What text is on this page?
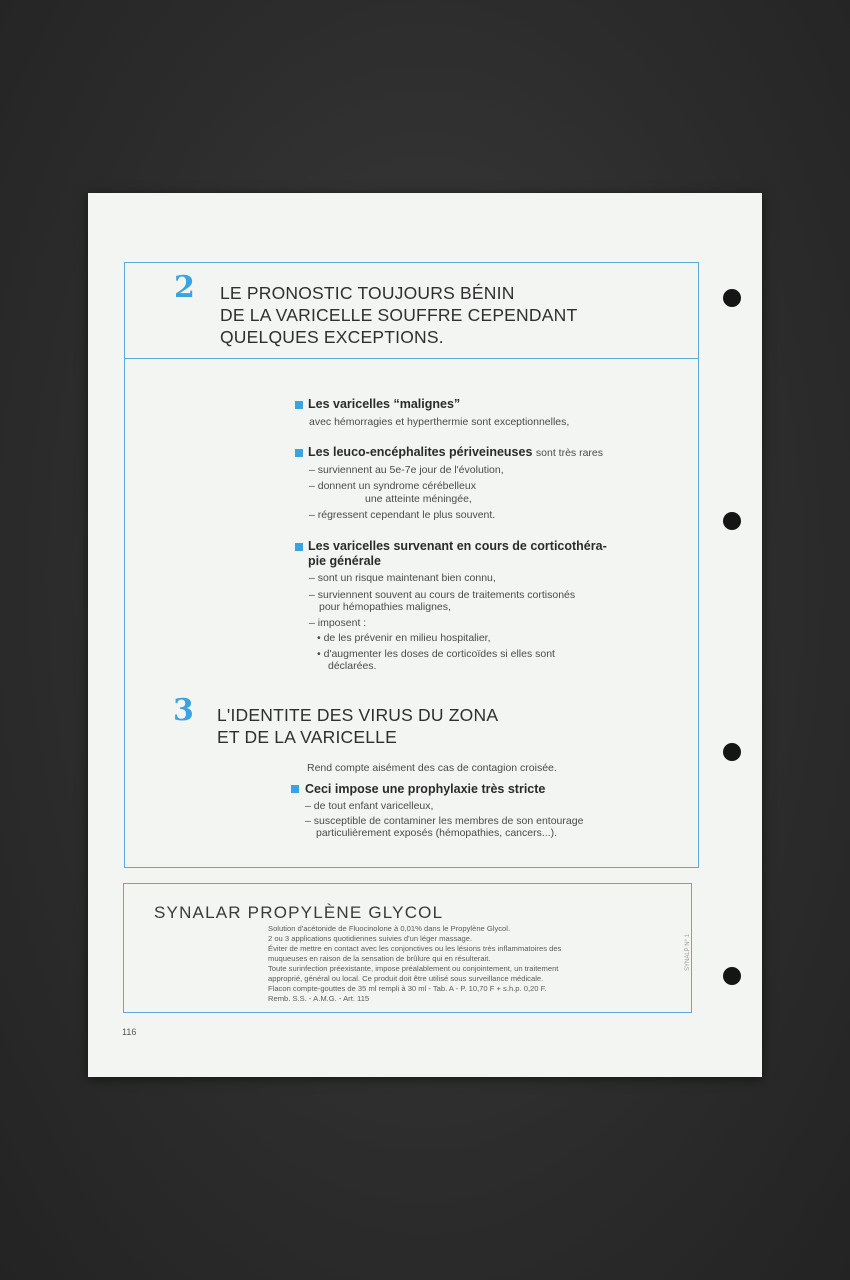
2 LE PRONOSTIC TOUJOURS BÉNIN
DE LA VARICELLE SOUFFRE CEPENDANT
QUELQUES EXCEPTIONS.
Les varicelles “malignes”
avec hémorragies et hyperthermie sont exceptionnelles,
Les leuco-encéphalites périveineuses sont très rares
– surviennent au 5e-7e jour de l'évolution,
– donnent un syndrome cérébelleux
une atteinte méningée,
– régressent cependant le plus souvent.
Les varicelles survenant en cours de corticothéra-
pie générale
– sont un risque maintenant bien connu,
– surviennent souvent au cours de traitements cortisonés
pour hémopathies malignes,
– imposent :
• de les prévenir en milieu hospitalier,
• d'augmenter les doses de corticoïdes si elles sont
déclarées.
3 L'IDENTITE DES VIRUS DU ZONA
ET DE LA VARICELLE
Rend compte aisément des cas de contagion croisée.
Ceci impose une prophylaxie très stricte
– de tout enfant varicelleux,
– susceptible de contaminer les membres de son entourage
particulièrement exposés (hémopathies, cancers...).
SYNALAR PROPYLÈNE GLYCOL
Solution d'acétonide de Fluocinolone à 0,01% dans le Propylène Glycol.
2 ou 3 applications quotidiennes suivies d'un léger massage.
Éviter de mettre en contact avec les conjonctives ou les lésions très inflammatoires des
muqueuses en raison de la sensation de brûlure qui en résulterait.
Toute surinfection préexistante, impose préalablement ou conjointement, un traitement
approprié, général ou local. Ce produit doit être utilisé sous surveillance médicale.
Flacon compte-gouttes de 35 ml rempli à 30 ml - Tab. A - P. 10,70 F + s.h.p. 0,20 F.
Remb. S.S. - A.M.G. - Art. 115
SYNALP N° 1
116
